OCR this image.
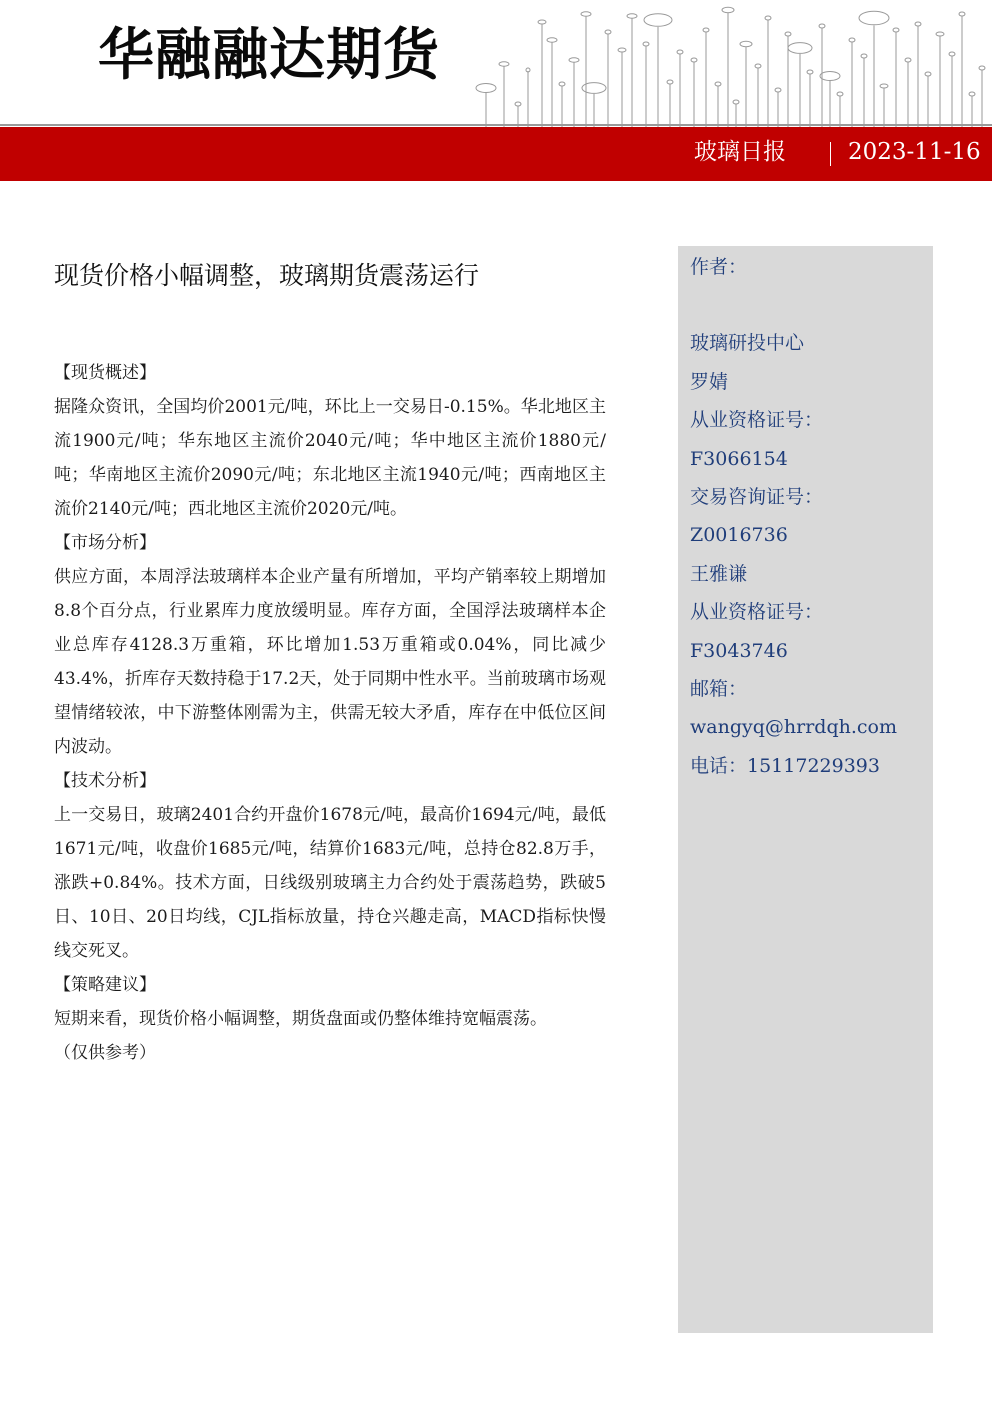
华融融达期货
玻璃日报	2023-11-16
现货价格小幅调整，玻璃期货震荡运行

【现货概述】

据隆众资讯，全国均价2001元/吨，环比上一交易日-0.15%。华北地区主流1900元/吨；华东地区主流价2040元/吨；华中地区主流价1880元/吨；华南地区主流价2090元/吨；东北地区主流1940元/吨；西南地区主流价2140元/吨；西北地区主流价2020元/吨。

【市场分析】

供应方面，本周浮法玻璃样本企业产量有所增加，平均产销率较上期增加8.8个百分点，行业累库力度放缓明显。库存方面，全国浮法玻璃样本企业总库存4128.3万重箱，环比增加1.53万重箱或0.04%，同比减少43.4%，折库存天数持稳于17.2天，处于同期中性水平。当前玻璃市场观望情绪较浓，中下游整体刚需为主，供需无较大矛盾，库存在中低位区间内波动。

【技术分析】

上一交易日，玻璃2401合约开盘价1678元/吨，最高价1694元/吨，最低1671元/吨，收盘价1685元/吨，结算价1683元/吨，总持仓82.8万手，涨跌+0.84%。技术方面，日线级别玻璃主力合约处于震荡趋势，跌破5日、10日、20日均线，CJL指标放量，持仓兴趣走高，MACD指标快慢线交死叉。

【策略建议】

短期来看，现货价格小幅调整，期货盘面或仍整体维持宽幅震荡。

（仅供参考）

作者：
玻璃研投中心
罗婧
从业资格证号：
F3066154
交易咨询证号：
Z0016736
王雅谦
从业资格证号：
F3043746
邮箱：
wangyq@hrrdqh.com
电话：15117229393
